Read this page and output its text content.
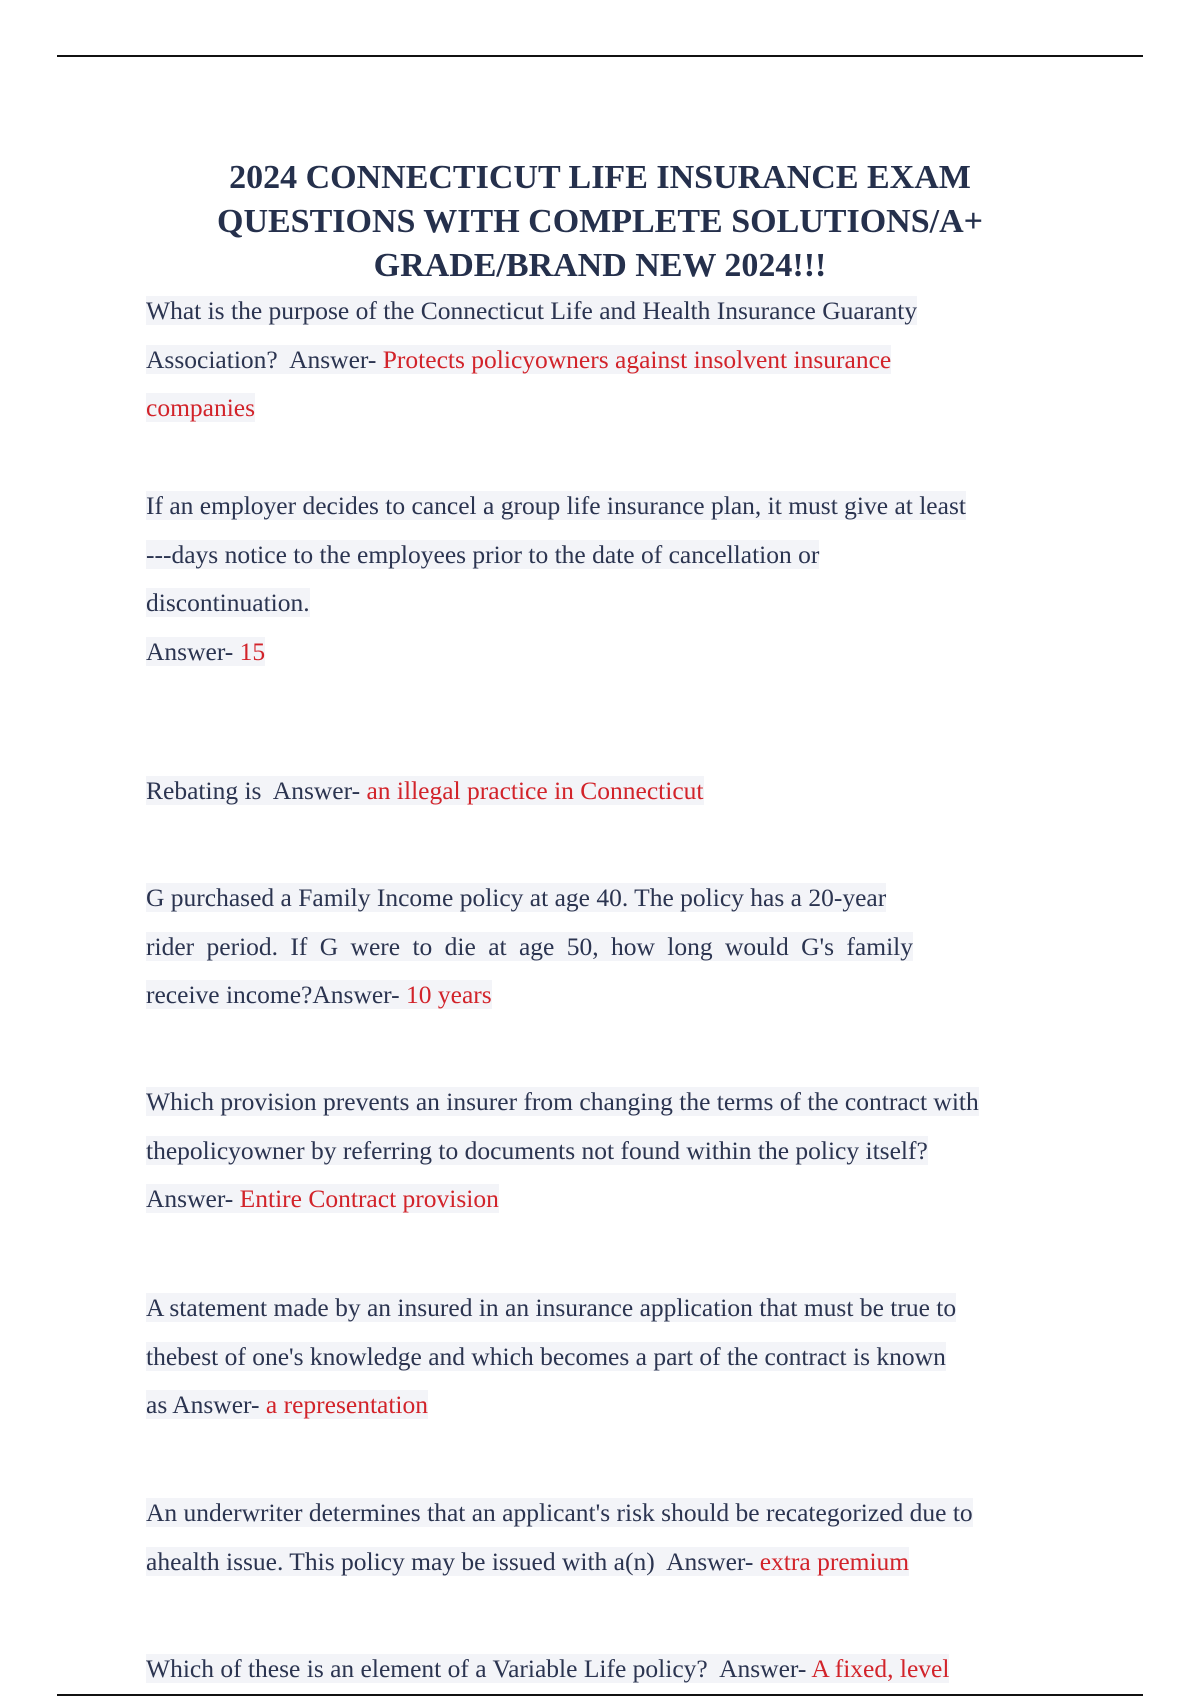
2024 CONNECTICUT LIFE INSURANCE EXAM QUESTIONS WITH COMPLETE SOLUTIONS/A+ GRADE/BRAND NEW 2024!!!
What is the purpose of the Connecticut Life and Health Insurance Guaranty
Association? Answer- Protects policyowners against insolvent insurance
companies
If an employer decides to cancel a group life insurance plan, it must give at least
---days notice to the employees prior to the date of cancellation or
discontinuation.
Answer- 15
Rebating is Answer- an illegal practice in Connecticut
G purchased a Family Income policy at age 40. The policy has a 20-year
rider period. If G were to die at age 50, how long would G's family
receive income?Answer- 10 years
Which provision prevents an insurer from changing the terms of the contract with
thepolicyowner by referring to documents not found within the policy itself?
Answer- Entire Contract provision
A statement made by an insured in an insurance application that must be true to
thebest of one's knowledge and which becomes a part of the contract is known
as Answer- a representation
An underwriter determines that an applicant's risk should be recategorized due to
ahealth issue. This policy may be issued with a(n) Answer- extra premium
Which of these is an element of a Variable Life policy? Answer- A fixed, level
